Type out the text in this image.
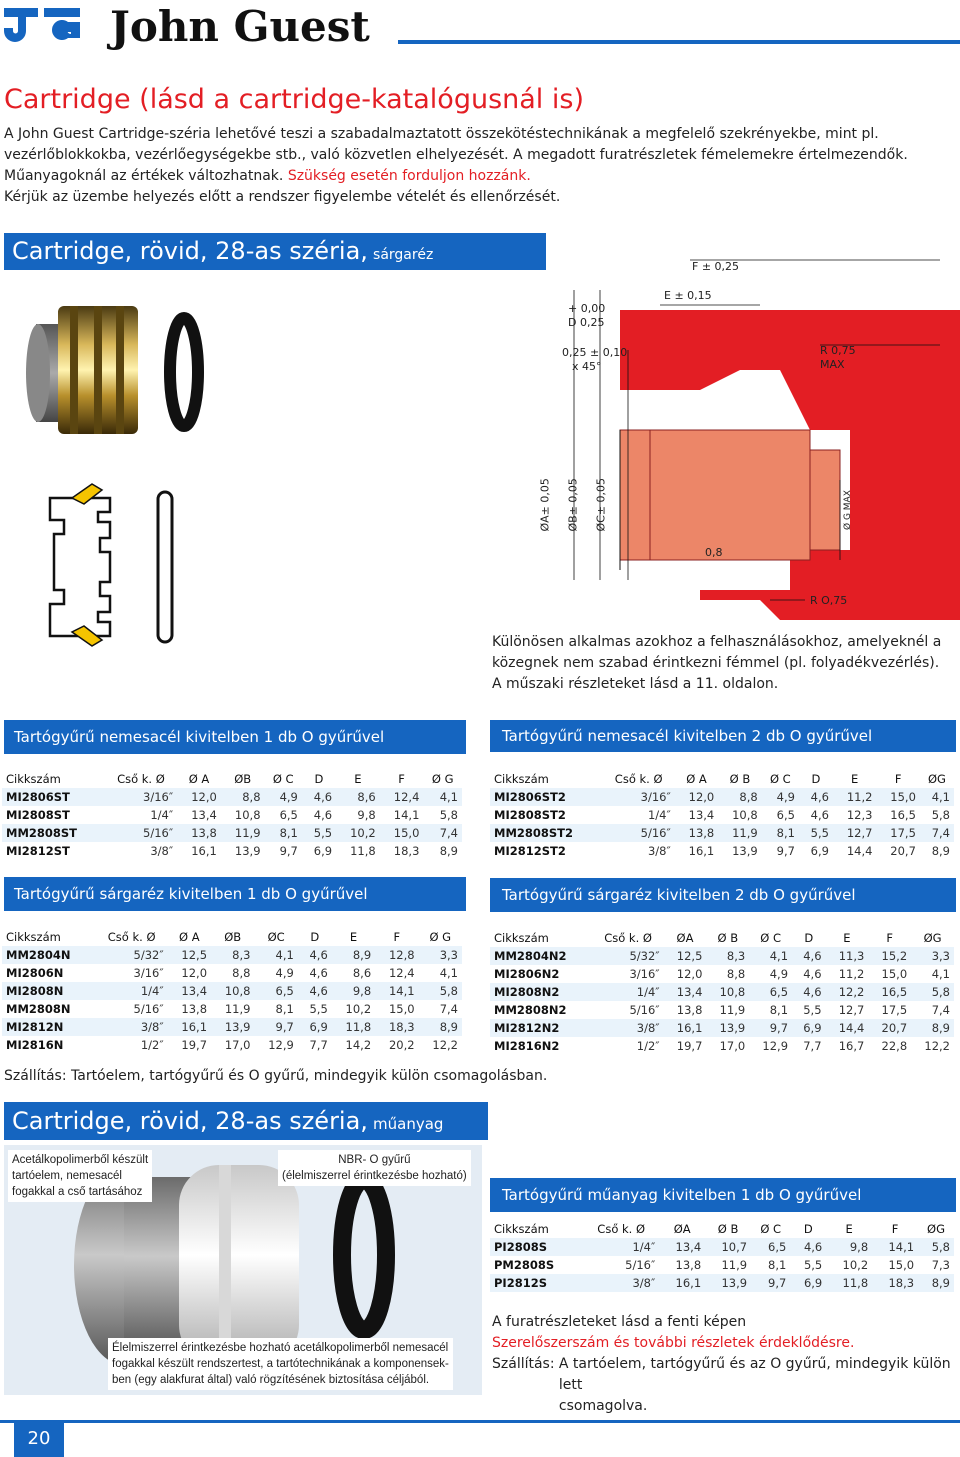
John Guest
Cartridge (lásd a cartridge-katalógusnál is)
A John Guest Cartridge-széria lehetővé teszi a szabadalmaztatott összekötéstechnikának a megfelelő szekrényekbe, mint pl.
vezérlőblokkokba, vezérlőegységekbe stb., való közvetlen elhelyezését. A megadott furatrészletek fémelemekre értelmezendők.
Műanyagoknál az értékek változhatnak. Szükség esetén forduljon hozzánk.
Kérjük az üzembe helyezés előtt a rendszer figyelembe vételét és ellenőrzését.
Cartridge, rövid, 28-as széria, sárgaréz
F ± 0,25
E ± 0,15
+ 0,00
D 0,25
0,25 ± 0,10
x 45°
R 0,75
MAX
ØA± 0,05 ØB± 0,05 ØC± 0,05	Ø G MAX
0,8
R O,75
Különösen alkalmas azokhoz a felhasználásokhoz, amelyeknél a
közegnek nem szabad érintkezni fémmel (pl. folyadékvezérlés).
A műszaki részleteket lásd a 11. oldalon.
Tartógyűrű nemesacél kivitelben 1 db O gyűrűvel
Cikkszám	Cső k. Ø	Ø A	ØB	Ø C	D	E	F	Ø G
MI2806ST	3/16″	12,0	8,8	4,9	4,6	8,6	12,4	4,1
MI2808ST	1/4″	13,4	10,8	6,5	4,6	9,8	14,1	5,8
MM2808ST	5/16″	13,8	11,9	8,1	5,5	10,2	15,0	7,4
MI2812ST	3/8″	16,1	13,9	9,7	6,9	11,8	18,3	8,9
Tartógyűrű nemesacél kivitelben 2 db O gyűrűvel
Cikkszám	Cső k. Ø	Ø A	Ø B	Ø C	D	E	F	ØG
MI2806ST2	3/16″	12,0	8,8	4,9	4,6	11,2	15,0	4,1
MI2808ST2	1/4″	13,4	10,8	6,5	4,6	12,3	16,5	5,8
MM2808ST2	5/16″	13,8	11,9	8,1	5,5	12,7	17,5	7,4
MI2812ST2	3/8″	16,1	13,9	9,7	6,9	14,4	20,7	8,9
Tartógyűrű sárgaréz kivitelben 1 db O gyűrűvel
Cikkszám	Cső k. Ø	Ø A	ØB	ØC	D	E	F	Ø G
MM2804N	5/32″	12,5	8,3	4,1	4,6	8,9	12,8	3,3
MI2806N	3/16″	12,0	8,8	4,9	4,6	8,6	12,4	4,1
MI2808N	1/4″	13,4	10,8	6,5	4,6	9,8	14,1	5,8
MM2808N	5/16″	13,8	11,9	8,1	5,5	10,2	15,0	7,4
MI2812N	3/8″	16,1	13,9	9,7	6,9	11,8	18,3	8,9
MI2816N	1/2″	19,7	17,0	12,9	7,7	14,2	20,2	12,2
Tartógyűrű sárgaréz kivitelben 2 db O gyűrűvel
Cikkszám	Cső k. Ø	ØA	Ø B	Ø C	D	E	F	ØG
MM2804N2	5/32″	12,5	8,3	4,1	4,6	11,3	15,2	3,3
MI2806N2	3/16″	12,0	8,8	4,9	4,6	11,2	15,0	4,1
MI2808N2	1/4″	13,4	10,8	6,5	4,6	12,2	16,5	5,8
MM2808N2	5/16″	13,8	11,9	8,1	5,5	12,7	17,5	7,4
MI2812N2	3/8″	16,1	13,9	9,7	6,9	14,4	20,7	8,9
MI2816N2	1/2″	19,7	17,0	12,9	7,7	16,7	22,8	12,2
Szállítás: Tartóelem, tartógyűrű és O gyűrű, mindegyik külön csomagolásban.
Cartridge, rövid, 28-as széria, műanyag
Acetálkopolimerből készült
tartóelem, nemesacél
fogakkal a cső tartásához
NBR- O gyűrű
(élelmiszerrel érintkezésbe hozható)
Élelmiszerrel érintkezésbe hozható acetálkopolimerből nemesacél
fogakkal készült rendszertest, a tartótechnikának a komponensek-
ben (egy alakfurat által) való rögzítésének biztosítása céljából.
Tartógyűrű műanyag kivitelben 1 db O gyűrűvel
Cikkszám	Cső k. Ø	ØA	Ø B	Ø C	D	E	F	ØG
PI2808S	1/4″	13,4	10,7	6,5	4,6	9,8	14,1	5,8
PM2808S	5/16″	13,8	11,9	8,1	5,5	10,2	15,0	7,3
PI2812S	3/8″	16,1	13,9	9,7	6,9	11,8	18,3	8,9
A furatrészleteket lásd a fenti képen
Szerelőszerszám és további részletek érdeklődésre.
Szállítás: A tartóelem, tartógyűrű és az O gyűrű, mindegyik külön lett
csomagolva.
20
